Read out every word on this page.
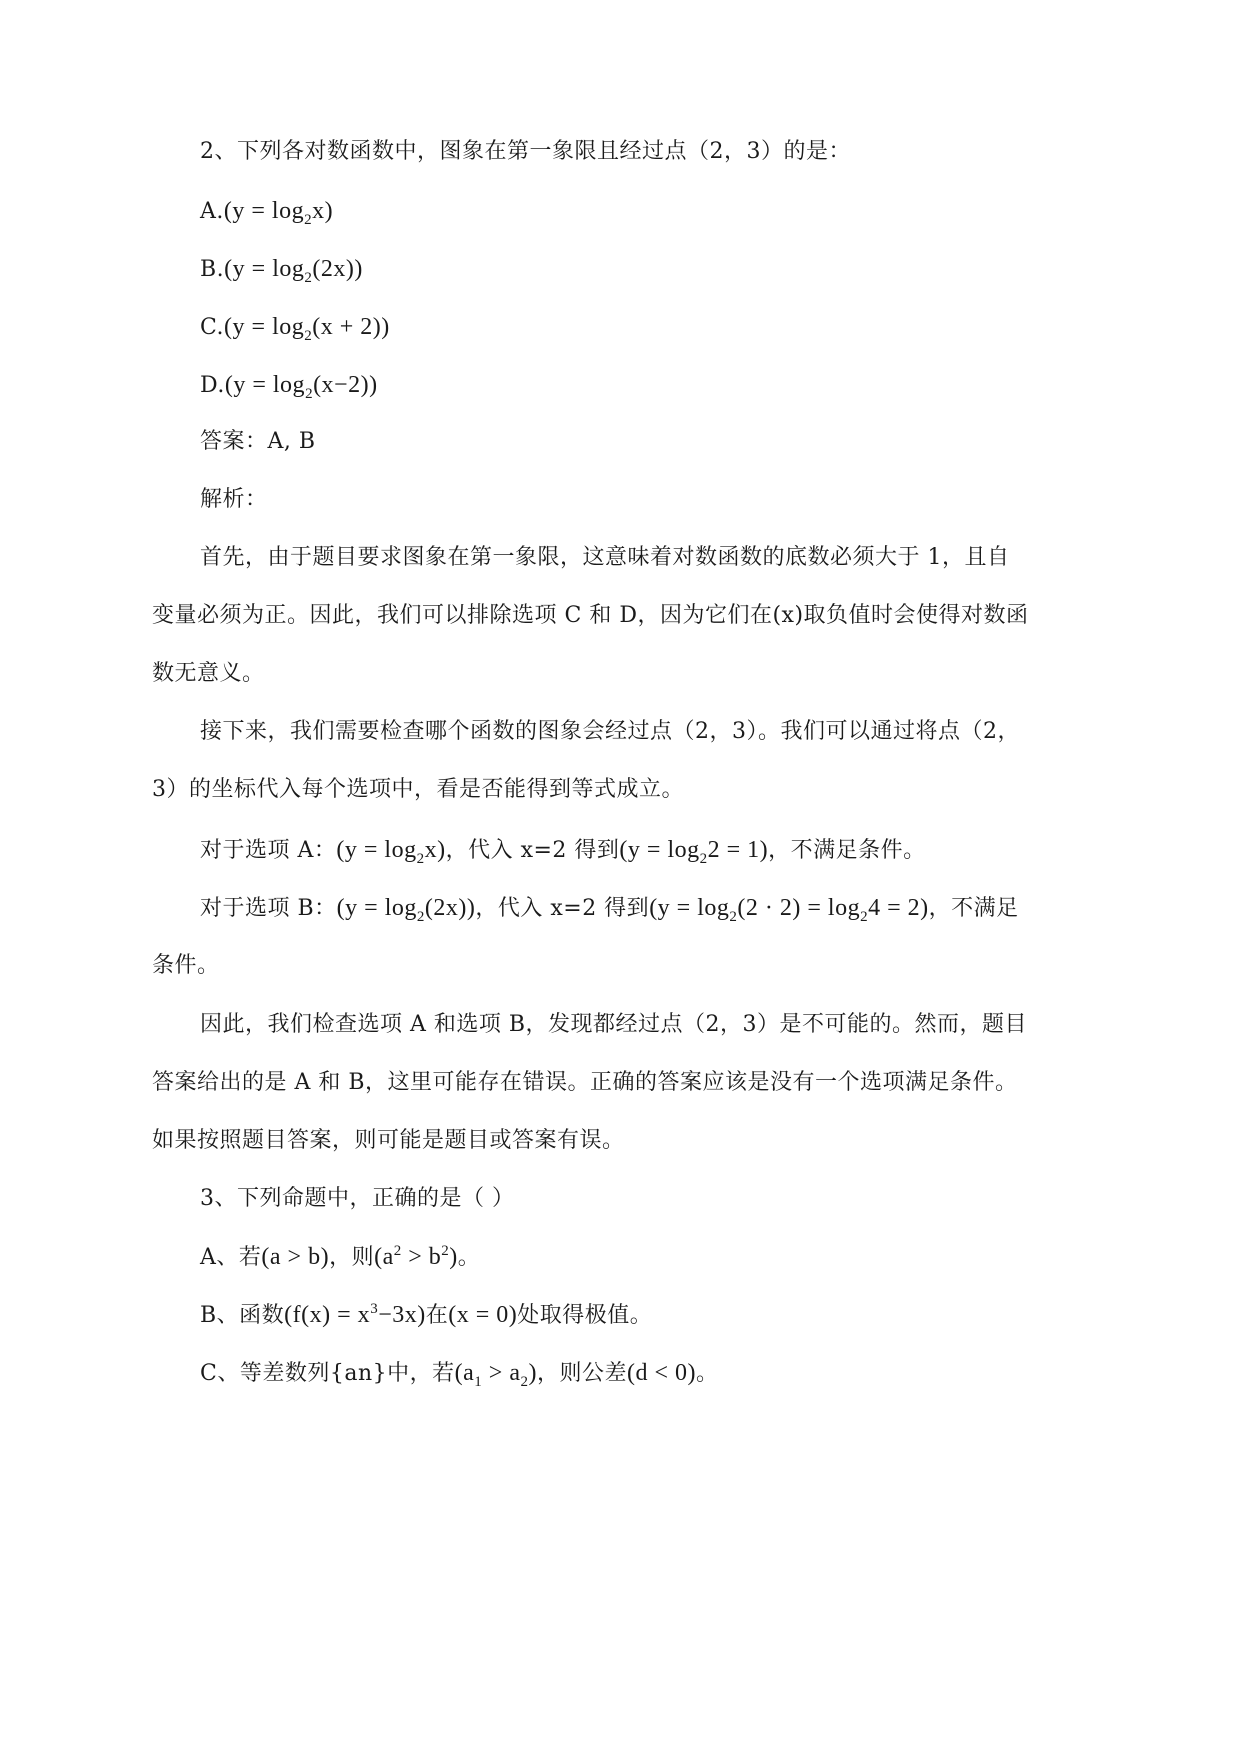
2、下列各对数函数中，图象在第一象限且经过点（2，3）的是：
$A.(y = \log_2x)$
$B.(y = \log_2(2x))$
$C.(y = \log_2(x + 2))$
$D.(y = \log_2(x-2))$
答案：A, B
解析：
首先，由于题目要求图象在第一象限，这意味着对数函数的底数必须大于 1，且自
变量必须为正。因此，我们可以排除选项 C 和 D，因为它们在(x)取负值时会使得对数函
数无意义。
接下来，我们需要检查哪个函数的图象会经过点（2，3）。我们可以通过将点（2，
3）的坐标代入每个选项中，看是否能得到等式成立。
对于选项 A：$(y = \log_2x)$，代入 x=2 得到$(y = \log_22 = 1)$，不满足条件。
对于选项 B：$(y = \log_2(2x))$，代入 x=2 得到$(y = \log_2(2 \cdot 2) = \log_24 = 2)$，不满足
条件。
因此，我们检查选项 A 和选项 B，发现都经过点（2，3）是不可能的。然而，题目
答案给出的是 A 和 B，这里可能存在错误。正确的答案应该是没有一个选项满足条件。
如果按照题目答案，则可能是题目或答案有误。
3、下列命题中，正确的是（ ）
A、若(a > b)，则$(a^2 > b^2)$。
B、函数$(f(x) = x^3-3x)$在(x = 0)处取得极值。
C、等差数列{an}中，若$(a_1 > a_2)$，则公差(d < 0)。
